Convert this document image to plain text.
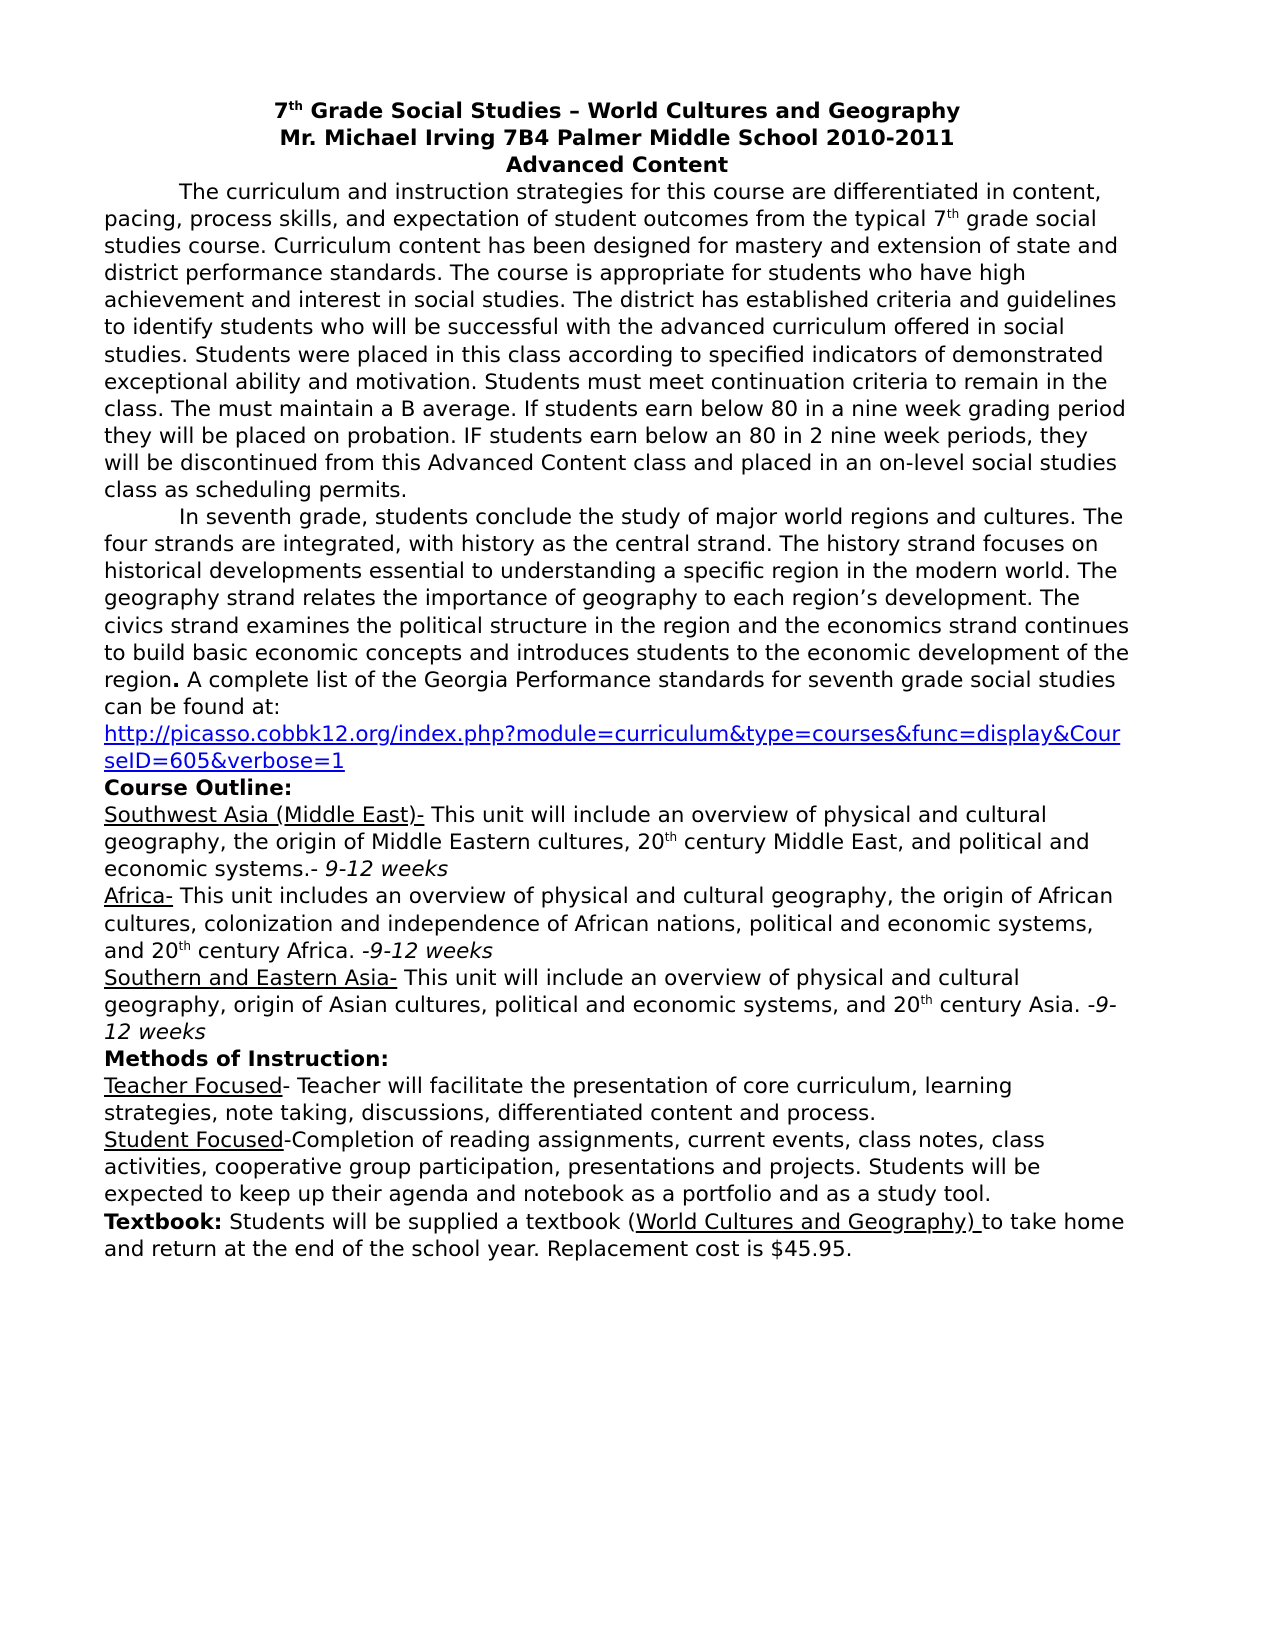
7th Grade Social Studies – World Cultures and Geography
Mr. Michael Irving 7B4 Palmer Middle School 2010-2011
Advanced Content

The curriculum and instruction strategies for this course are differentiated in content, pacing, process skills, and expectation of student outcomes from the typical 7th grade social studies course. Curriculum content has been designed for mastery and extension of state and district performance standards. The course is appropriate for students who have high achievement and interest in social studies. The district has established criteria and guidelines to identify students who will be successful with the advanced curriculum offered in social studies. Students were placed in this class according to specified indicators of demonstrated exceptional ability and motivation. Students must meet continuation criteria to remain in the class. The must maintain a B average. If students earn below 80 in a nine week grading period they will be placed on probation. IF students earn below an 80 in 2 nine week periods, they will be discontinued from this Advanced Content class and placed in an on-level social studies class as scheduling permits.

In seventh grade, students conclude the study of major world regions and cultures. The four strands are integrated, with history as the central strand. The history strand focuses on historical developments essential to understanding a specific region in the modern world. The geography strand relates the importance of geography to each region’s development. The civics strand examines the political structure in the region and the economics strand continues to build basic economic concepts and introduces students to the economic development of the region. A complete list of the Georgia Performance standards for seventh grade social studies can be found at:

http://picasso.cobbk12.org/index.php?module=curriculum&type=courses&func=display&CourseID=605&verbose=1

Course Outline:

Southwest Asia (Middle East)- This unit will include an overview of physical and cultural geography, the origin of Middle Eastern cultures, 20th century Middle East, and political and economic systems.- 9-12 weeks

Africa- This unit includes an overview of physical and cultural geography, the origin of African cultures, colonization and independence of African nations, political and economic systems, and 20th century Africa. -9-12 weeks

Southern and Eastern Asia- This unit will include an overview of physical and cultural geography, origin of Asian cultures, political and economic systems, and 20th century Asia. -9-12 weeks

Methods of Instruction:

Teacher Focused- Teacher will facilitate the presentation of core curriculum, learning strategies, note taking, discussions, differentiated content and process.

Student Focused-Completion of reading assignments, current events, class notes, class activities, cooperative group participation, presentations and projects. Students will be expected to keep up their agenda and notebook as a portfolio and as a study tool.

Textbook: Students will be supplied a textbook (World Cultures and Geography) to take home and return at the end of the school year. Replacement cost is $45.95.
